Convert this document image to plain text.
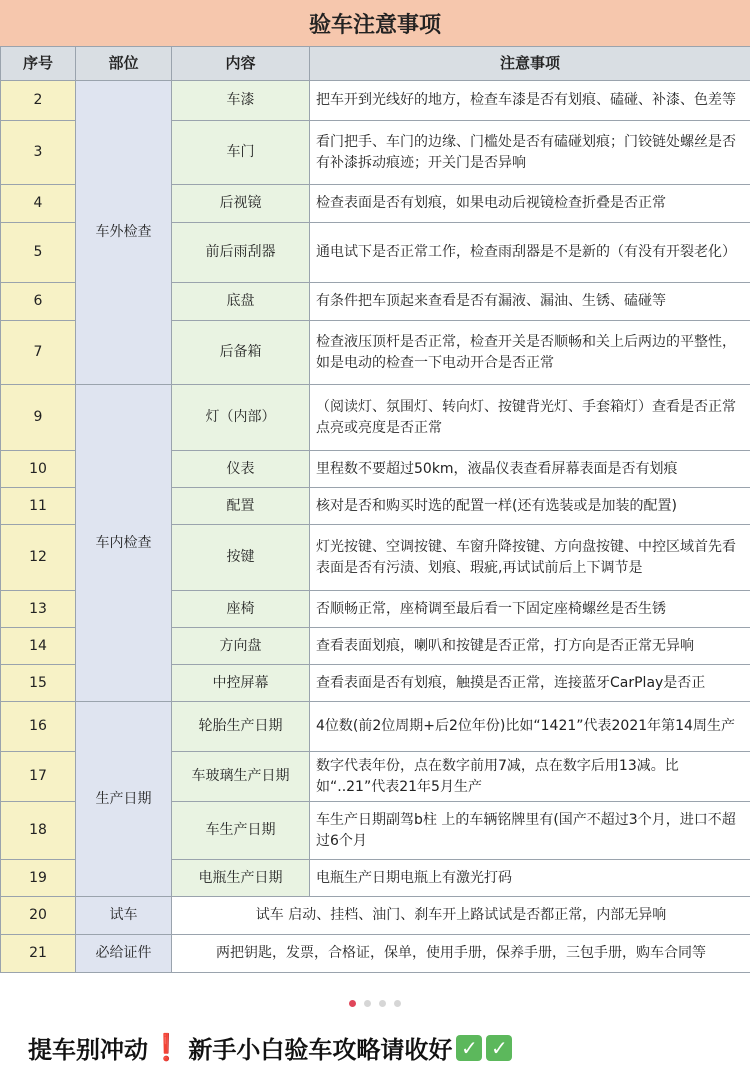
验车注意事项
序号	部位	内容	注意事项
2	车外检查	车漆	把车开到光线好的地方，检查车漆是否有划痕、磕碰、补漆、色差等
3		车门	看门把手、车门的边缘、门槛处是否有磕碰划痕；门铰链处螺丝是否有补漆拆动痕迹；开关门是否异响
4		后视镜	检查表面是否有划痕，如果电动后视镜检查折叠是否正常
5		前后雨刮器	通电试下是否正常工作，检查雨刮器是不是新的（有没有开裂老化）
6		底盘	有条件把车顶起来查看是否有漏液、漏油、生锈、磕碰等
7		后备箱	检查液压顶杆是否正常，检查开关是否顺畅和关上后两边的平整性，如是电动的检查一下电动开合是否正常
9	车内检查	灯（内部）	（阅读灯、氛围灯、转向灯、按键背光灯、手套箱灯）查看是否正常点亮或亮度是否正常
10		仪表	里程数不要超过50km，液晶仪表查看屏幕表面是否有划痕
11		配置	核对是否和购买时选的配置一样(还有选装或是加装的配置)
12		按键	灯光按键、空调按键、车窗升降按键、方向盘按键、中控区域首先看表面是否有污渍、划痕、瑕疵,再试试前后上下调节是
13		座椅	否顺畅正常，座椅调至最后看一下固定座椅螺丝是否生锈
14		方向盘	查看表面划痕，喇叭和按键是否正常，打方向是否正常无异响
15		中控屏幕	查看表面是否有划痕，触摸是否正常，连接蓝牙CarPlay是否正
16	生产日期	轮胎生产日期	4位数(前2位周期+后2位年份)比如“1421”代表2021年第14周生产
17		车玻璃生产日期	数字代表年份，点在数字前用7减，点在数字后用13减。比如“..21”代表21年5月生产
18		车生产日期	车生产日期副驾b柱 上的车辆铭牌里有(国产不超过3个月，进口不超过6个月
19		电瓶生产日期	电瓶生产日期电瓶上有激光打码
20	试车	试车 启动、挂档、油门、刹车开上路试试是否都正常，内部无异响	
21	必给证件	两把钥匙，发票，合格证，保单，使用手册，保养手册，三包手册，购车合同等	
提车别冲动 ❗ 新手小白验车攻略请收好 ✓ ✓
